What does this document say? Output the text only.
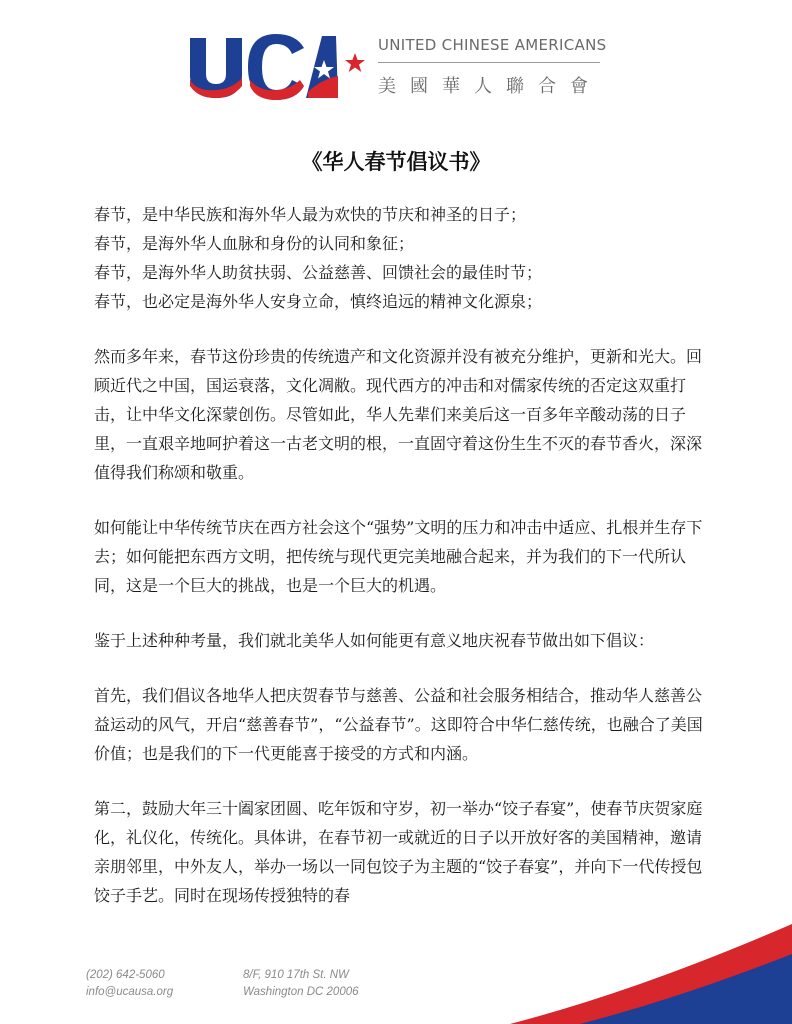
UNITED CHINESE AMERICANS
美國華人聯合會
《华人春节倡议书》
春节，是中华民族和海外华人最为欢快的节庆和神圣的日子；
春节，是海外华人血脉和身份的认同和象征；
春节，是海外华人助贫扶弱、公益慈善、回馈社会的最佳时节；
春节，也必定是海外华人安身立命，慎终追远的精神文化源泉；
然而多年来，春节这份珍贵的传统遗产和文化资源并没有被充分维护，更新和光大。回顾近代之中国，国运衰落，文化凋敝。现代西方的冲击和对儒家传统的否定这双重打击，让中华文化深蒙创伤。尽管如此，华人先辈们来美后这一百多年辛酸动荡的日子里，一直艰辛地呵护着这一古老文明的根，一直固守着这份生生不灭的春节香火，深深值得我们称颂和敬重。
如何能让中华传统节庆在西方社会这个“强势”文明的压力和冲击中适应、扎根并生存下去；如何能把东西方文明，把传统与现代更完美地融合起来，并为我们的下一代所认同，这是一个巨大的挑战，也是一个巨大的机遇。
鉴于上述种种考量，我们就北美华人如何能更有意义地庆祝春节做出如下倡议：
首先，我们倡议各地华人把庆贺春节与慈善、公益和社会服务相结合，推动华人慈善公益运动的风气，开启“慈善春节”，“公益春节”。这即符合中华仁慈传统，也融合了美国价值；也是我们的下一代更能喜于接受的方式和内涵。
第二，鼓励大年三十阖家团圆、吃年饭和守岁，初一举办“饺子春宴”，使春节庆贺家庭化，礼仪化，传统化。具体讲，在春节初一或就近的日子以开放好客的美国精神，邀请亲朋邻里，中外友人，举办一场以一同包饺子为主题的“饺子春宴”，并向下一代传授包饺子手艺。同时在现场传授独特的春
(202) 642-5060
info@ucausa.org
8/F, 910 17th St. NW
Washington DC 20006
